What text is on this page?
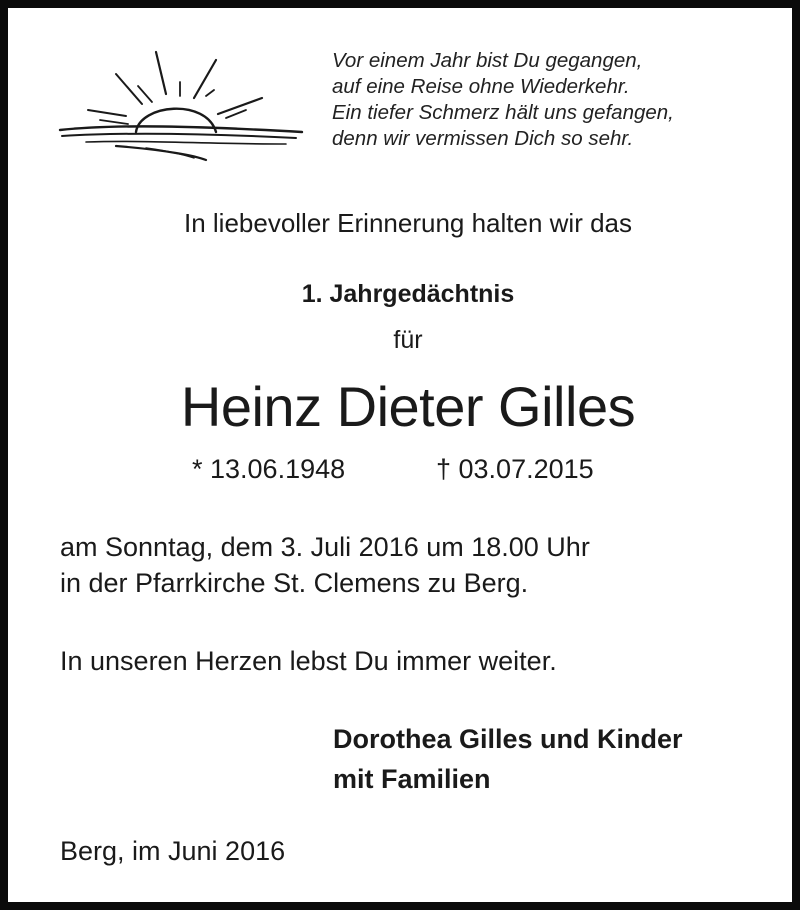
Vor einem Jahr bist Du gegangen,
auf eine Reise ohne Wiederkehr.
Ein tiefer Schmerz hält uns gefangen,
denn wir vermissen Dich so sehr.
In liebevoller Erinnerung halten wir das
1. Jahrgedächtnis
für
Heinz Dieter Gilles
* 13.06.1948	† 03.07.2015
am Sonntag, dem 3. Juli 2016 um 18.00 Uhr
in der Pfarrkirche St. Clemens zu Berg.
In unseren Herzen lebst Du immer weiter.
Dorothea Gilles und Kinder
mit Familien
Berg, im Juni 2016
